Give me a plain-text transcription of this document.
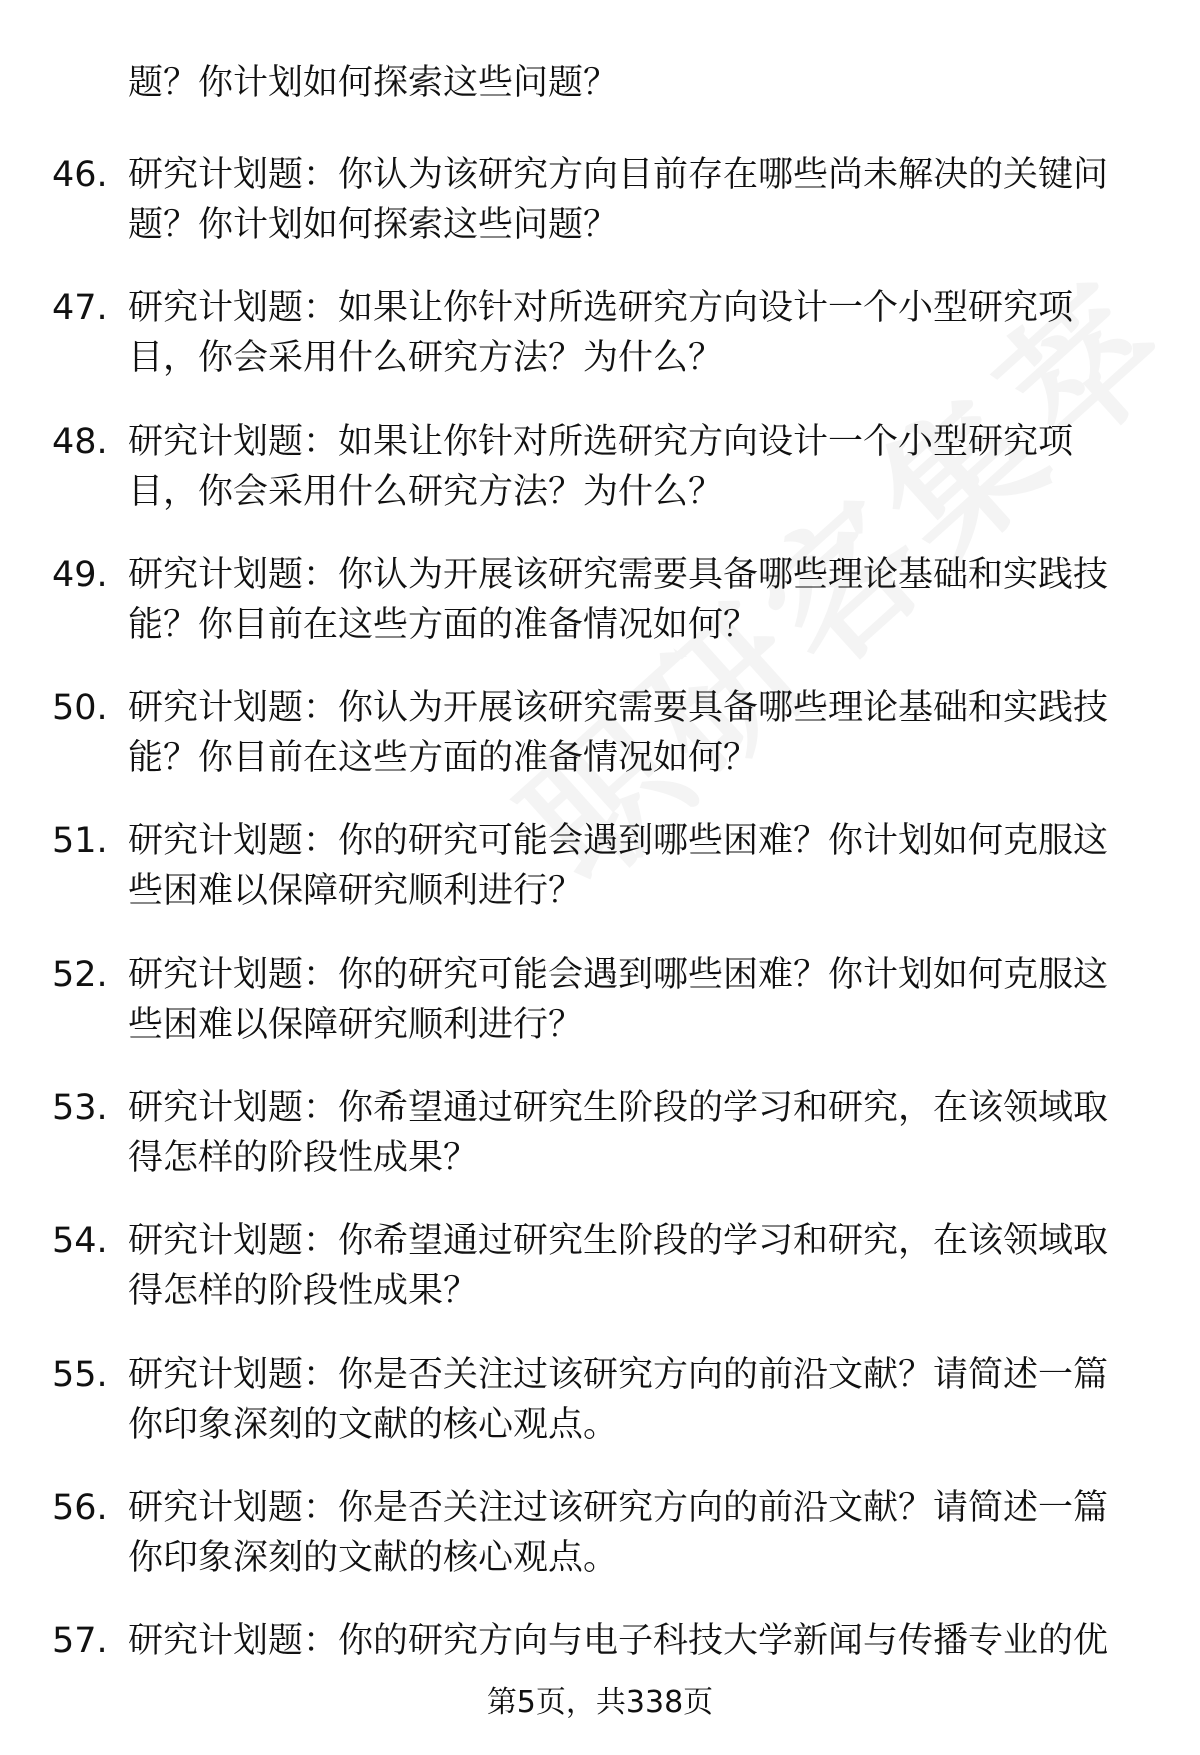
题？你计划如何探索这些问题？
46. 研究计划题：你认为该研究方向目前存在哪些尚未解决的关键问
题？你计划如何探索这些问题？
47. 研究计划题：如果让你针对所选研究方向设计一个小型研究项
目，你会采用什么研究方法？为什么？
48. 研究计划题：如果让你针对所选研究方向设计一个小型研究项
目，你会采用什么研究方法？为什么？
49. 研究计划题：你认为开展该研究需要具备哪些理论基础和实践技
能？你目前在这些方面的准备情况如何？
50. 研究计划题：你认为开展该研究需要具备哪些理论基础和实践技
能？你目前在这些方面的准备情况如何？
51. 研究计划题：你的研究可能会遇到哪些困难？你计划如何克服这
些困难以保障研究顺利进行？
52. 研究计划题：你的研究可能会遇到哪些困难？你计划如何克服这
些困难以保障研究顺利进行？
53. 研究计划题：你希望通过研究生阶段的学习和研究，在该领域取
得怎样的阶段性成果？
54. 研究计划题：你希望通过研究生阶段的学习和研究，在该领域取
得怎样的阶段性成果？
55. 研究计划题：你是否关注过该研究方向的前沿文献？请简述一篇
你印象深刻的文献的核心观点。
56. 研究计划题：你是否关注过该研究方向的前沿文献？请简述一篇
你印象深刻的文献的核心观点。
57. 研究计划题：你的研究方向与电子科技大学新闻与传播专业的优
第5页，共338页
